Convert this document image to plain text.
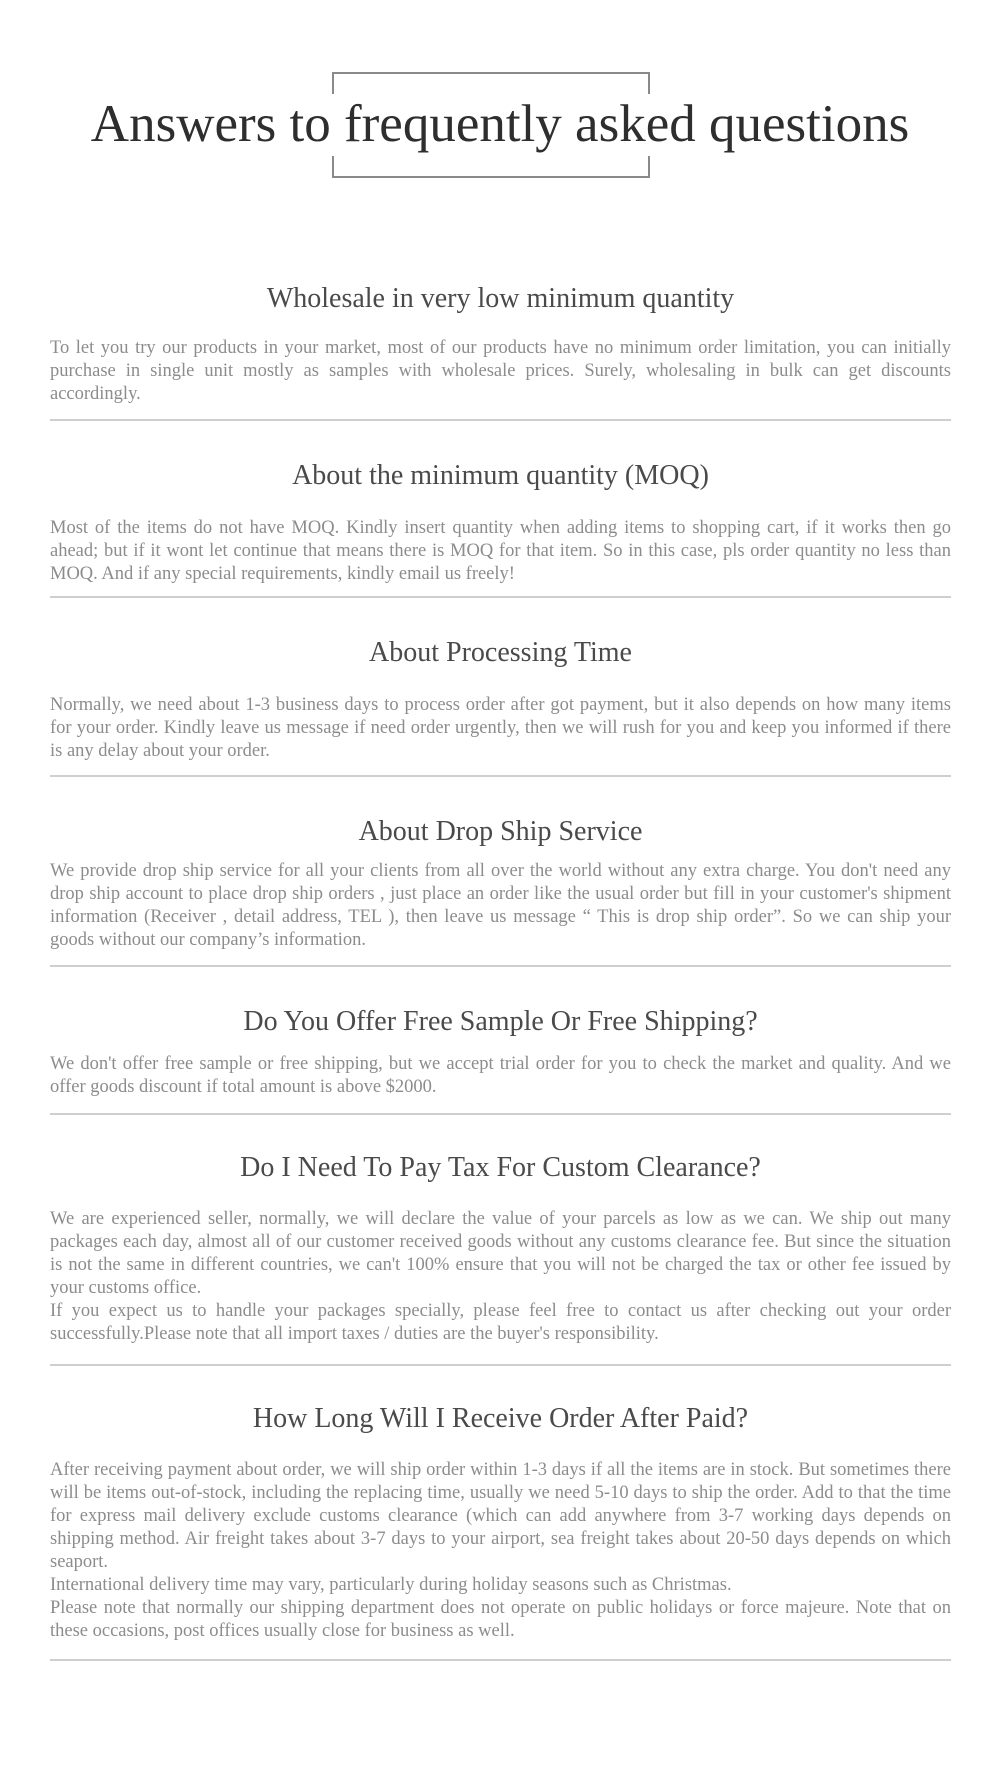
Answers to frequently asked questions
Wholesale in very low minimum quantity

To let you try our products in your market, most of our products have no minimum order limitation, you can initially purchase in single unit mostly as samples with wholesale prices. Surely, wholesaling in bulk can get discounts accordingly.

About the minimum quantity (MOQ)

Most of the items do not have MOQ. Kindly insert quantity when adding items to shopping cart, if it works then go ahead; but if it wont let continue that means there is MOQ for that item. So in this case, pls order quantity no less than MOQ. And if any special requirements, kindly email us freely!

About Processing Time

Normally, we need about 1-3 business days to process order after got payment, but it also depends on how many items for your order. Kindly leave us message if need order urgently, then we will rush for you and keep you informed if there is any delay about your order.

About Drop Ship Service

We provide drop ship service for all your clients from all over the world without any extra charge. You don't need any drop ship account to place drop ship orders , just place an order like the usual order but fill in your customer's shipment information (Receiver , detail address, TEL ), then leave us message “ This is drop ship order”. So we can ship your goods without our company’s information.

Do You Offer Free Sample Or Free Shipping?

We don't offer free sample or free shipping, but we accept trial order for you to check the market and quality. And we offer goods discount if total amount is above $2000.

Do I Need To Pay Tax For Custom Clearance?

We are experienced seller, normally, we will declare the value of your parcels as low as we can. We ship out many packages each day, almost all of our customer received goods without any customs clearance fee. But since the situation is not the same in different countries, we can't 100% ensure that you will not be charged the tax or other fee issued by your customs office.
If you expect us to handle your packages specially, please feel free to contact us after checking out your order successfully.Please note that all import taxes / duties are the buyer's responsibility.

How Long Will I Receive Order After Paid?

After receiving payment about order, we will ship order within 1-3 days if all the items are in stock. But sometimes there will be items out-of-stock, including the replacing time, usually we need 5-10 days to ship the order. Add to that the time for express mail delivery exclude customs clearance (which can add anywhere from 3-7 working days depends on shipping method. Air freight takes about 3-7 days to your airport, sea freight takes about 20-50 days depends on which seaport.
International delivery time may vary, particularly during holiday seasons such as Christmas.
Please note that normally our shipping department does not operate on public holidays or force majeure. Note that on these occasions, post offices usually close for business as well.
